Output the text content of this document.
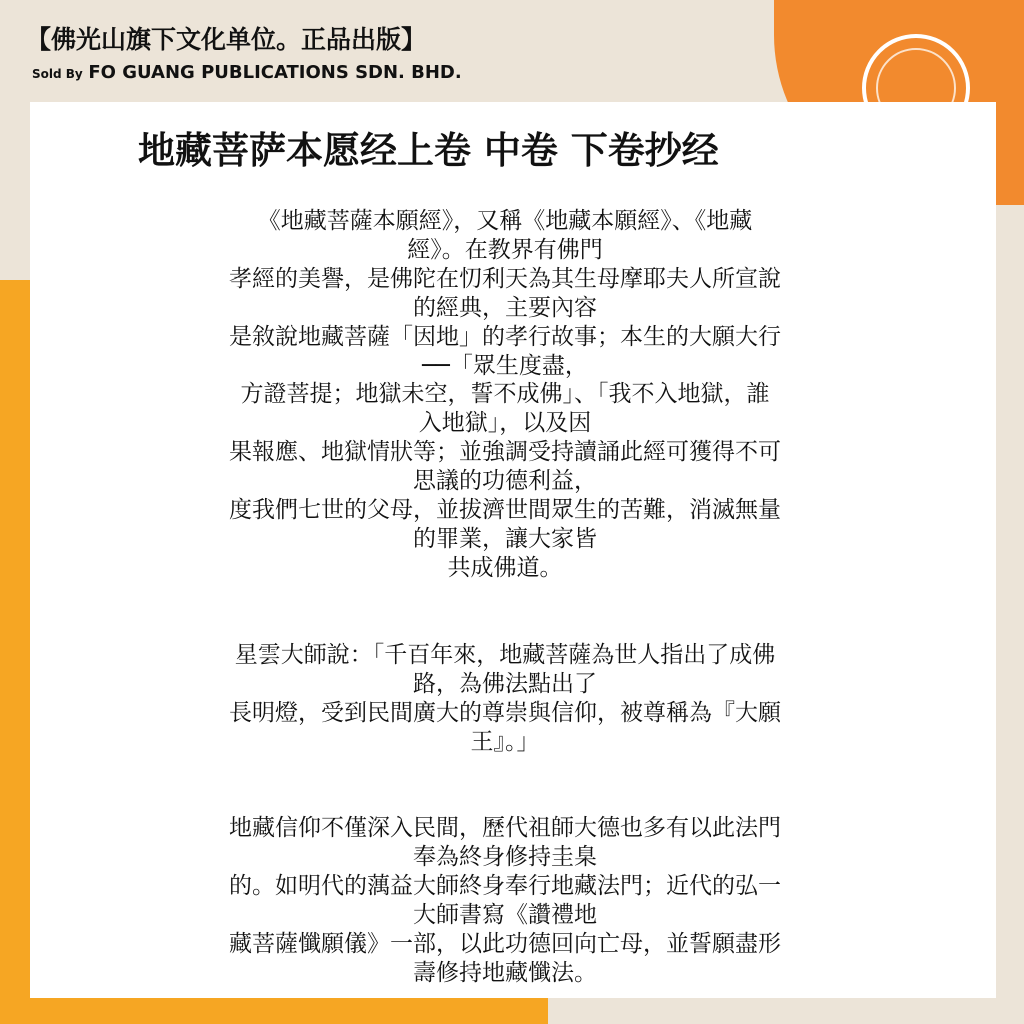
【佛光山旗下文化单位。正品出版】
Sold By FO GUANG PUBLICATIONS SDN. BHD.
地藏菩萨本愿经上卷 中卷 下卷抄经
《地藏菩薩本願經》，又稱《地藏本願經》、《地藏
經》。在教界有佛門
孝經的美譽，是佛陀在忉利天為其生母摩耶夫人所宣說
的經典，主要內容
是敘說地藏菩薩「因地」的孝行故事；本生的大願大行
──「眾生度盡，
方證菩提；地獄未空，誓不成佛」、「我不入地獄，誰
入地獄」，以及因
果報應、地獄情狀等；並強調受持讀誦此經可獲得不可
思議的功德利益，
度我們七世的父母，並拔濟世間眾生的苦難，消滅無量
的罪業，讓大家皆
共成佛道。
星雲大師說：「千百年來，地藏菩薩為世人指出了成佛
路，為佛法點出了
長明燈，受到民間廣大的尊崇與信仰，被尊稱為『大願
王』。」
地藏信仰不僅深入民間，歷代祖師大德也多有以此法門
奉為終身修持圭臬
的。如明代的蕅益大師終身奉行地藏法門；近代的弘一
大師書寫《讚禮地
藏菩薩懺願儀》一部，以此功德回向亡母，並誓願盡形
壽修持地藏懺法。
